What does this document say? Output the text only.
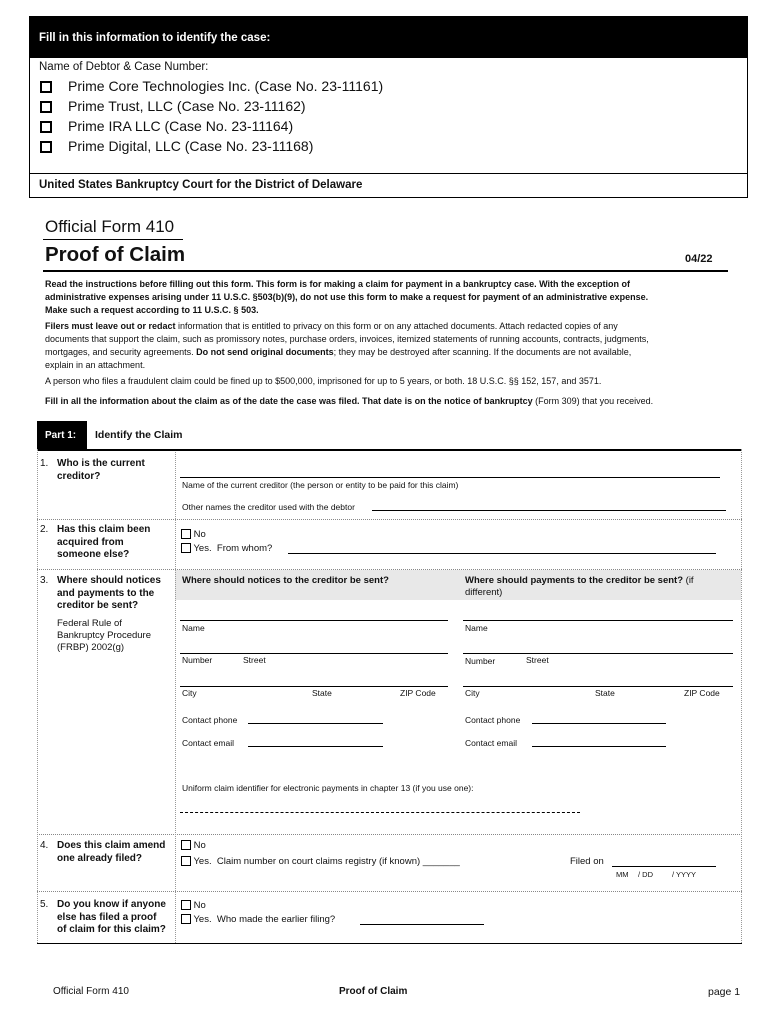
Fill in this information to identify the case:
Name of Debtor & Case Number:
Prime Core Technologies Inc. (Case No. 23-11161)
Prime Trust, LLC (Case No. 23-11162)
Prime IRA LLC (Case No. 23-11164)
Prime Digital, LLC (Case No. 23-11168)
United States Bankruptcy Court for the District of Delaware
Official Form 410
Proof of Claim	04/22

Read the instructions before filling out this form. This form is for making a claim for payment in a bankruptcy case. With the exception of

administrative expenses arising under 11 U.S.C. §503(b)(9), do not use this form to make a request for payment of an administrative expense.

Make such a request according to 11 U.S.C. § 503.

Filers must leave out or redact information that is entitled to privacy on this form or on any attached documents. Attach redacted copies of any

documents that support the claim, such as promissory notes, purchase orders, invoices, itemized statements of running accounts, contracts, judgments,

mortgages, and security agreements. Do not send original documents; they may be destroyed after scanning. If the documents are not available,

explain in an attachment.

A person who files a fraudulent claim could be fined up to $500,000, imprisoned for up to 5 years, or both. 18 U.S.C. §§ 152, 157, and 3571.
Fill in all the information about the claim as of the date the case was filed. That date is on the notice of bankruptcy (Form 309) that you received.
Part 1: Identify the Claim
1. Who is the current

creditor?

Name of the current creditor (the person or entity to be paid for this claim)
Other names the creditor used with the debtor
2. Has this claim been

acquired from

someone else?

No
Yes. From whom?
3. Where should notices

and payments to the

creditor be sent?

Federal Rule of

Bankruptcy Procedure

(FRBP) 2002(g)

Where should notices to the creditor be sent?	Where should payments to the creditor be sent? (if

different)

Name
Number	Street
City	State	ZIP Code
Contact phone
Contact email
Name
Number	Street
City	State	ZIP Code
Contact phone
Contact email
Uniform claim identifier for electronic payments in chapter 13 (if you use one):
4. Does this claim amend

one already filed?

No
Yes. Claim number on court claims registry (if known) _______	Filed on
MM / DD	/ YYYY
5. Do you know if anyone

else has filed a proof

of claim for this claim?

No
Yes. Who made the earlier filing?
Official Form 410	Proof of Claim	page 1
